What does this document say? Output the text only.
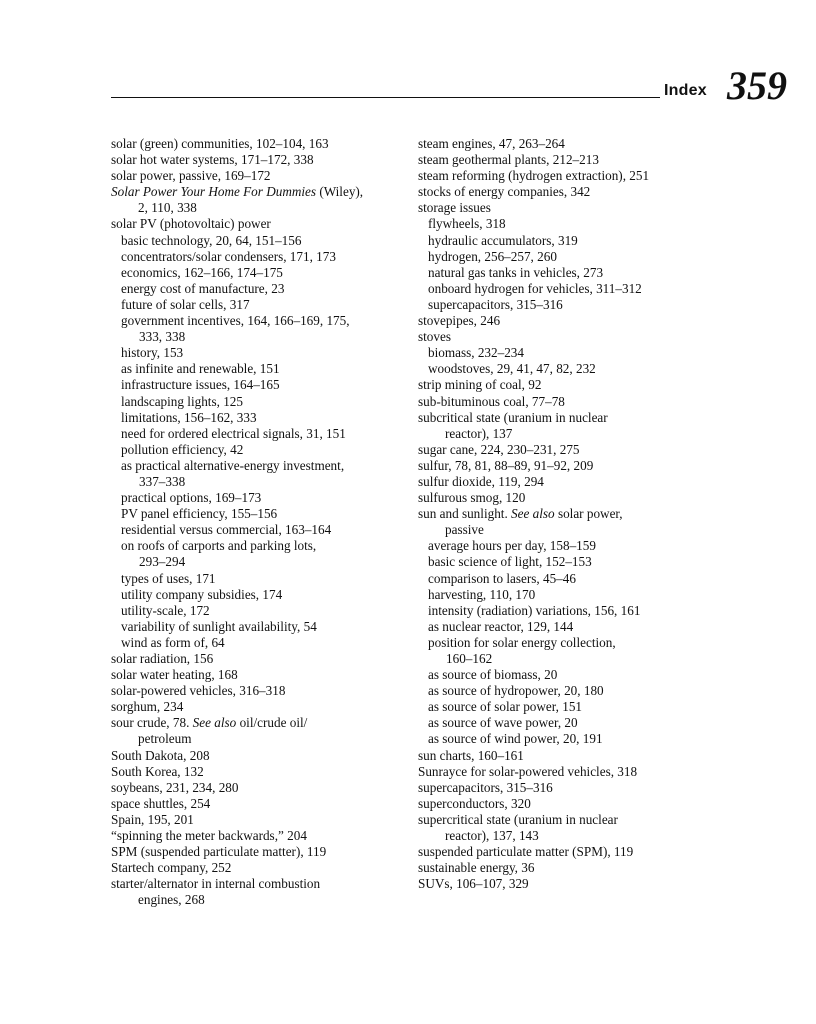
Index 359
solar (green) communities, 102–104, 163
solar hot water systems, 171–172, 338
solar power, passive, 169–172
Solar Power Your Home For Dummies (Wiley),
2, 110, 338
solar PV (photovoltaic) power
basic technology, 20, 64, 151–156
concentrators/solar condensers, 171, 173
economics, 162–166, 174–175
energy cost of manufacture, 23
future of solar cells, 317
government incentives, 164, 166–169, 175,
333, 338
history, 153
as infinite and renewable, 151
infrastructure issues, 164–165
landscaping lights, 125
limitations, 156–162, 333
need for ordered electrical signals, 31, 151
pollution efficiency, 42
as practical alternative-energy investment,
337–338
practical options, 169–173
PV panel efficiency, 155–156
residential versus commercial, 163–164
on roofs of carports and parking lots,
293–294
types of uses, 171
utility company subsidies, 174
utility-scale, 172
variability of sunlight availability, 54
wind as form of, 64
solar radiation, 156
solar water heating, 168
solar-powered vehicles, 316–318
sorghum, 234
sour crude, 78. See also oil/crude oil/
petroleum
South Dakota, 208
South Korea, 132
soybeans, 231, 234, 280
space shuttles, 254
Spain, 195, 201
“spinning the meter backwards,” 204
SPM (suspended particulate matter), 119
Startech company, 252
starter/alternator in internal combustion
engines, 268
steam engines, 47, 263–264
steam geothermal plants, 212–213
steam reforming (hydrogen extraction), 251
stocks of energy companies, 342
storage issues
flywheels, 318
hydraulic accumulators, 319
hydrogen, 256–257, 260
natural gas tanks in vehicles, 273
onboard hydrogen for vehicles, 311–312
supercapacitors, 315–316
stovepipes, 246
stoves
biomass, 232–234
woodstoves, 29, 41, 47, 82, 232
strip mining of coal, 92
sub-bituminous coal, 77–78
subcritical state (uranium in nuclear
reactor), 137
sugar cane, 224, 230–231, 275
sulfur, 78, 81, 88–89, 91–92, 209
sulfur dioxide, 119, 294
sulfurous smog, 120
sun and sunlight. See also solar power,
passive
average hours per day, 158–159
basic science of light, 152–153
comparison to lasers, 45–46
harvesting, 110, 170
intensity (radiation) variations, 156, 161
as nuclear reactor, 129, 144
position for solar energy collection,
160–162
as source of biomass, 20
as source of hydropower, 20, 180
as source of solar power, 151
as source of wave power, 20
as source of wind power, 20, 191
sun charts, 160–161
Sunrayce for solar-powered vehicles, 318
supercapacitors, 315–316
superconductors, 320
supercritical state (uranium in nuclear
reactor), 137, 143
suspended particulate matter (SPM), 119
sustainable energy, 36
SUVs, 106–107, 329
